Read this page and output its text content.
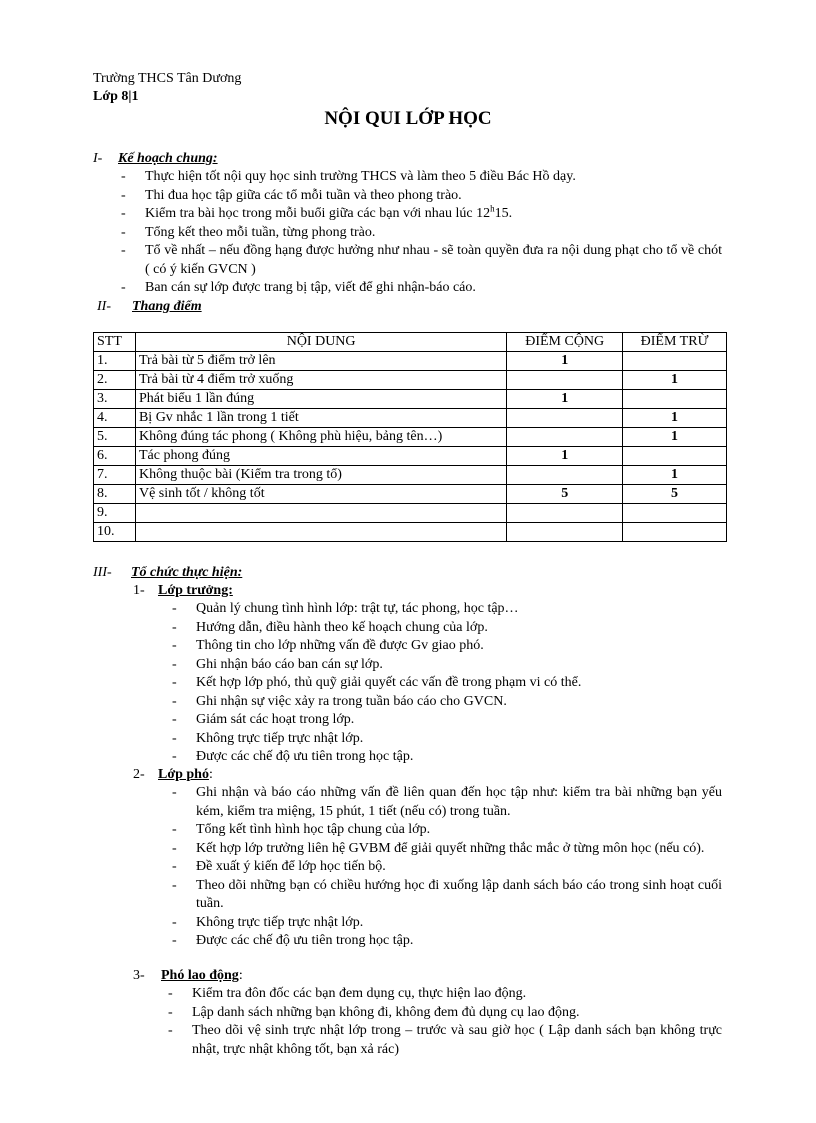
Trường THCS Tân Dương
Lớp 8|1
NỘI QUI LỚP HỌC
I- Kế hoạch chung:
- Thực hiện tốt nội quy học sinh trường THCS và làm theo 5 điều Bác Hồ dạy.
- Thi đua học tập giữa các tổ mỗi tuần và theo phong trào.
- Kiểm tra bài học trong mỗi buổi giữa các bạn với nhau lúc 12$^h$15.
- Tổng kết theo mỗi tuần, từng phong trào.
- Tổ về nhất – nếu đồng hạng được hưởng như nhau - sẽ toàn quyền đưa ra nội dung phạt cho tổ về chót ( có ý kiến GVCN )
- Ban cán sự lớp được trang bị tập, viết để ghi nhận-báo cáo.
II- Thang điểm
STT	NỘI DUNG	ĐIỂM CỘNG	ĐIỂM TRỪ
1.	Trả bài từ 5 điểm trở lên	1	
2.	Trả bài từ 4 điểm trở xuống		1
3.	Phát biểu 1 lần đúng	1	
4.	Bị Gv nhắc 1 lần trong 1 tiết		1
5.	Không đúng tác phong ( Không phù hiệu, bảng tên…)		1
6.	Tác phong đúng	1	
7.	Không thuộc bài (Kiểm tra trong tổ)		1
8.	Vệ sinh tốt / không tốt	5	5
9.			
10.			
III- Tổ chức thực hiện:
1- Lớp trưởng:
- Quản lý chung tình hình lớp: trật tự, tác phong, học tập…
- Hướng dẫn, điều hành theo kế hoạch chung của lớp.
- Thông tin cho lớp những vấn đề được Gv giao phó.
- Ghi nhận báo cáo ban cán sự lớp.
- Kết hợp lớp phó, thủ quỹ giải quyết các vấn đề trong phạm vi có thể.
- Ghi nhận sự việc xảy ra trong tuần báo cáo cho GVCN.
- Giám sát các hoạt trong lớp.
- Không trực tiếp trực nhật lớp.
- Được các chế độ ưu tiên trong học tập.
2- Lớp phó:
- Ghi nhận và báo cáo những vấn đề liên quan đến học tập như: kiểm tra bài những bạn yếu kém, kiểm tra miệng, 15 phút, 1 tiết (nếu có) trong tuần.
- Tổng kết tình hình học tập chung của lớp.
- Kết hợp lớp trưởng liên hệ GVBM để giải quyết những thắc mắc ở từng môn học (nếu có).
- Đề xuất ý kiến để lớp học tiến bộ.
- Theo dõi những bạn có chiều hướng học đi xuống lập danh sách báo cáo trong sinh hoạt cuối tuần.
- Không trực tiếp trực nhật lớp.
- Được các chế độ ưu tiên trong học tập.
3- Phó lao động:
- Kiểm tra đôn đốc các bạn đem dụng cụ, thực hiện lao động.
- Lập danh sách những bạn không đi, không đem đủ dụng cụ lao động.
- Theo dõi vệ sinh trực nhật lớp trong – trước và sau giờ học ( Lập danh sách bạn không trực nhật, trực nhật không tốt, bạn xả rác)
